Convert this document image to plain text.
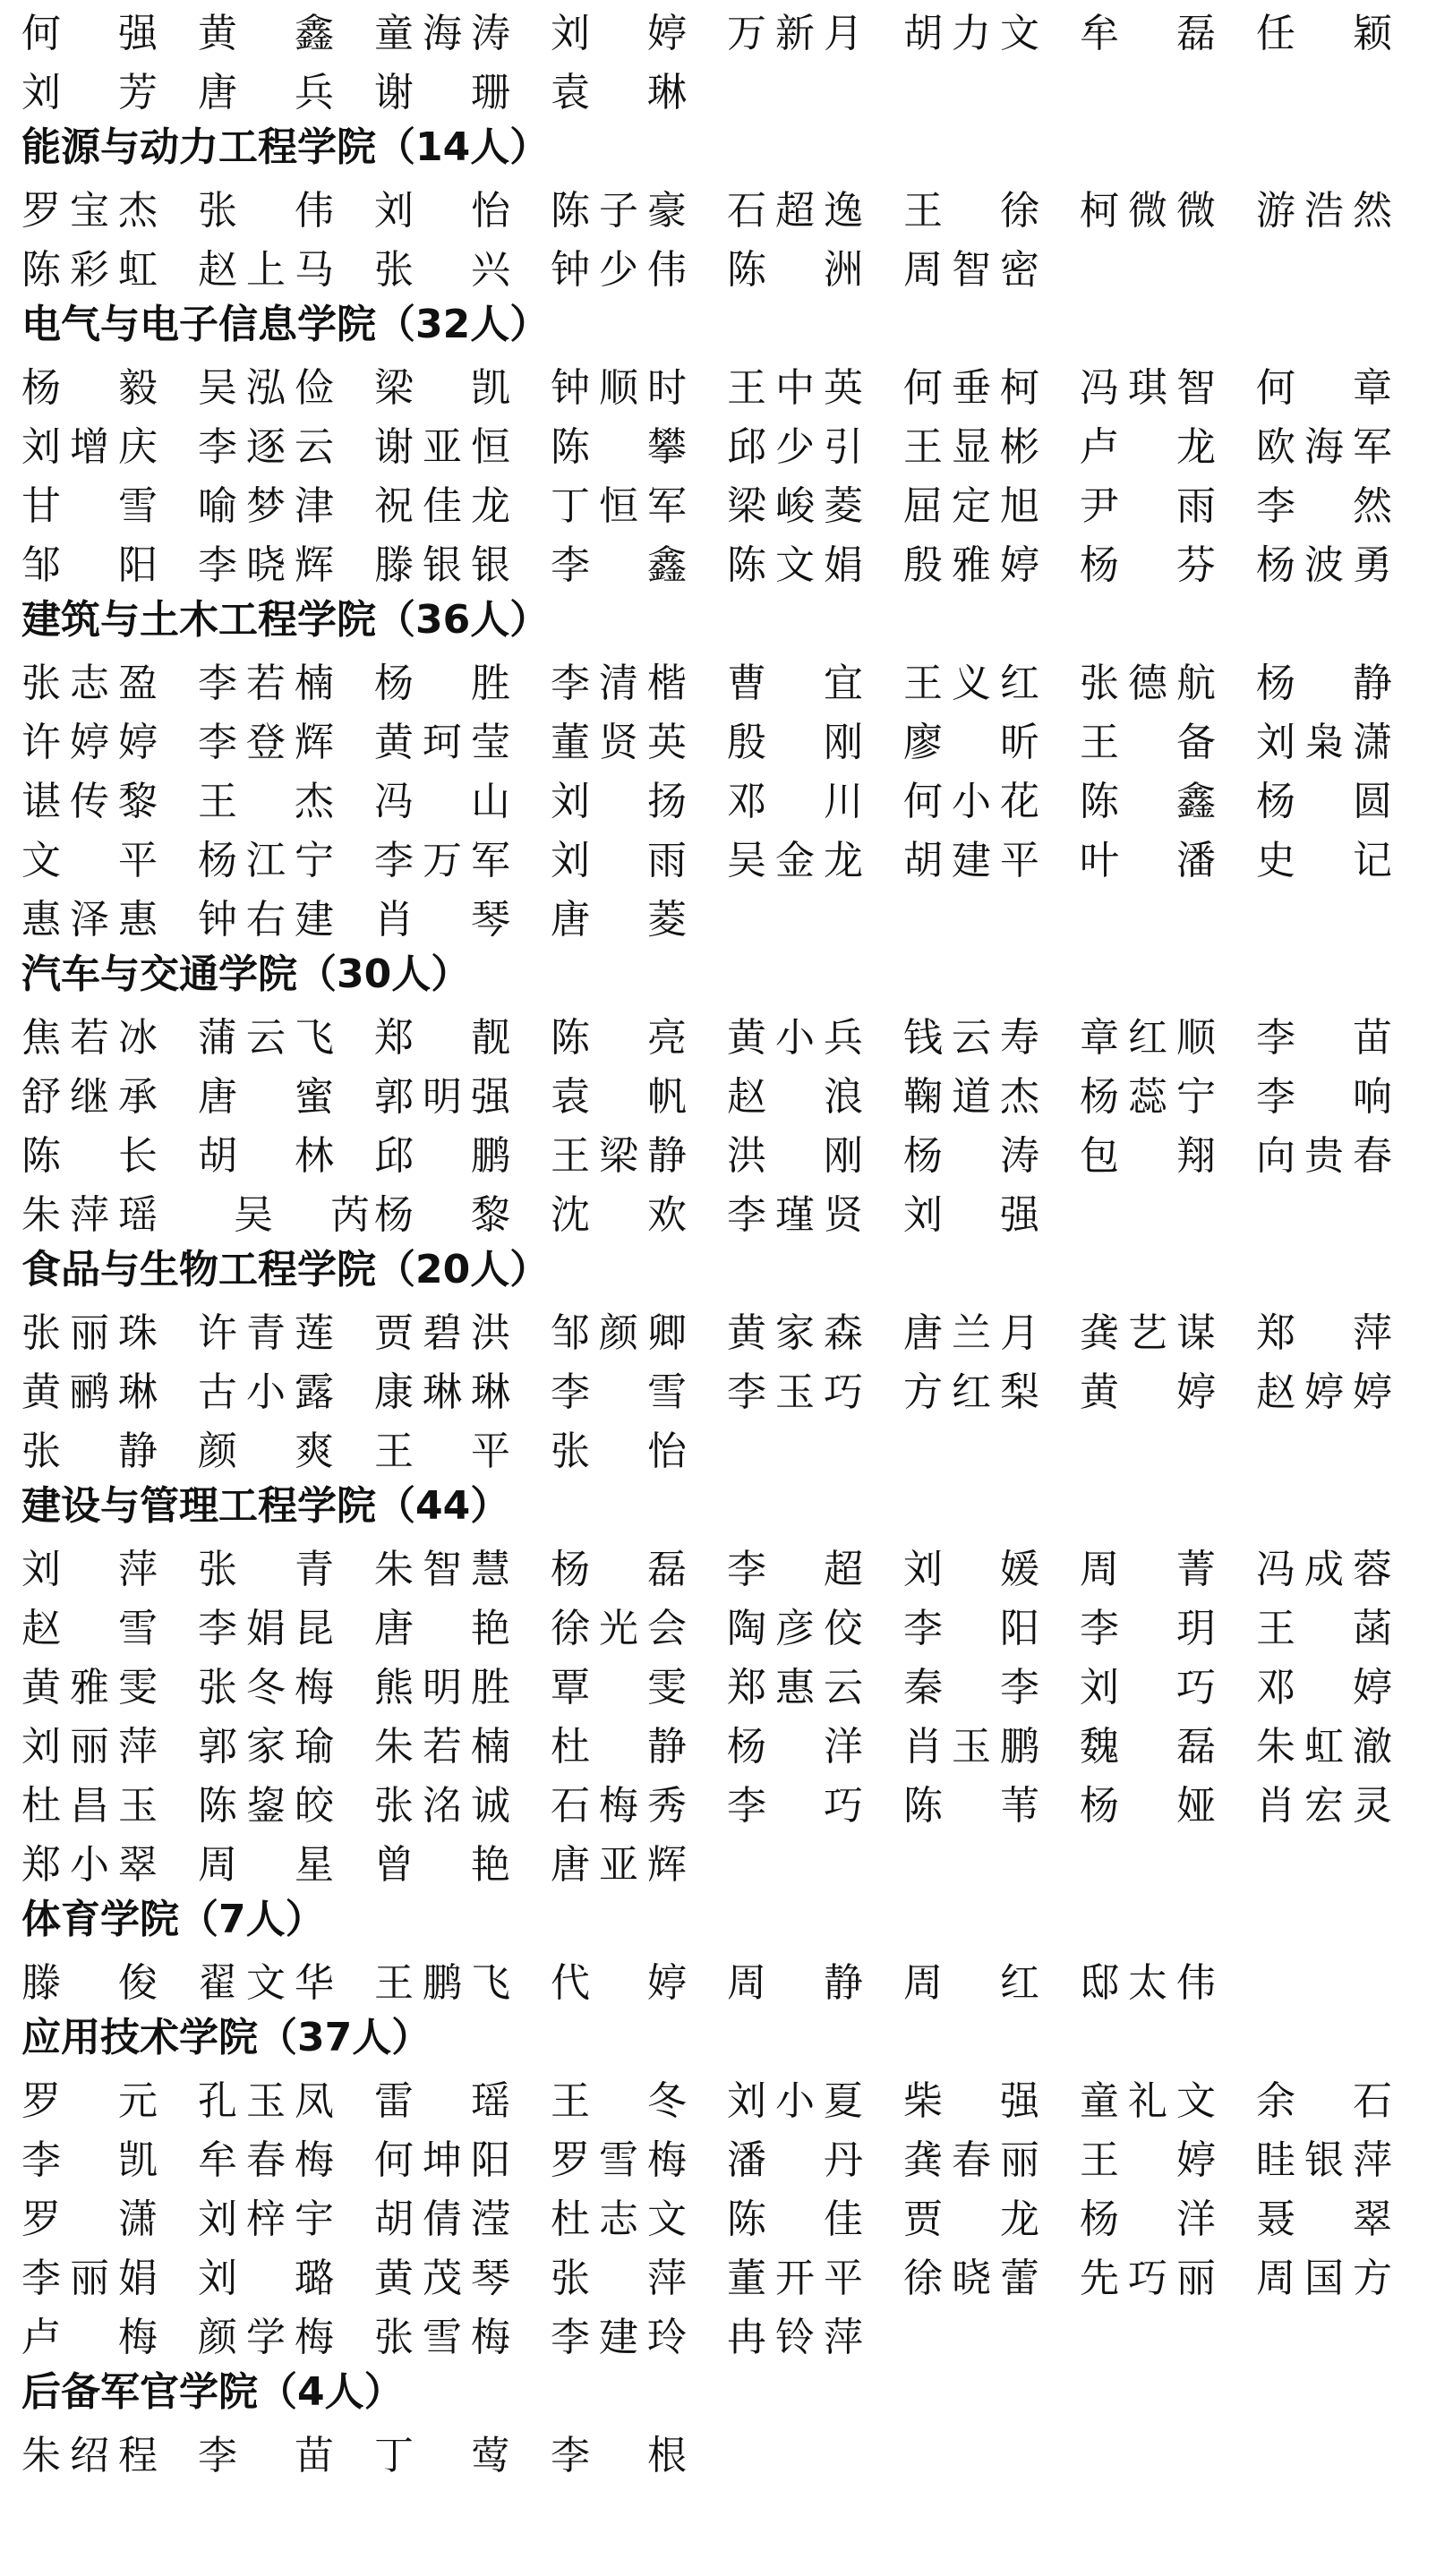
何强 黄鑫 童海涛 刘婷 万新月 胡力文 牟磊 任颖
刘芳 唐兵 谢珊 袁琳
能源与动力工程学院（14人）
罗宝杰 张伟 刘怡 陈子豪 石超逸 王徐 柯微微 游浩然
陈彩虹 赵上马 张兴 钟少伟 陈洲 周智密
电气与电子信息学院（32人）
杨毅 吴泓俭 梁凯 钟顺时 王中英 何垂柯 冯琪智 何章
刘增庆 李逐云 谢亚恒 陈攀 邱少引 王显彬 卢龙 欧海军
甘雪 喻梦津 祝佳龙 丁恒军 梁峻菱 屈定旭 尹雨 李然
邹阳 李晓辉 滕银银 李鑫 陈文娟 殷雅婷 杨芬 杨波勇
建筑与土木工程学院（36人）
张志盈 李若楠 杨胜 李清楷 曹宜 王义红 张德航 杨静
许婷婷 李登辉 黄珂莹 董贤英 殷刚 廖昕 王备 刘枭潇
谌传黎 王杰 冯山 刘扬 邓川 何小花 陈鑫 杨圆
文平 杨江宁 李万军 刘雨 吴金龙 胡建平 叶潘 史记
惠泽惠 钟右建 肖琴 唐菱
汽车与交通学院（30人）
焦若冰 蒲云飞 郑靓 陈亮 黄小兵 钱云寿 章红顺 李苗
舒继承 唐蜜 郭明强 袁帆 赵浪 鞠道杰 杨蕊宁 李响
陈长 胡林 邱鹏 王梁静 洪刚 杨涛 包翔 向贵春
朱萍瑶	吴芮 杨黎 沈欢 李瑾贤 刘强
食品与生物工程学院（20人）
张丽珠 许青莲 贾碧洪 邹颜卿 黄家森 唐兰月 龚艺谋 郑萍
黄鹂琳 古小露 康琳琳 李雪 李玉巧 方红梨 黄婷 赵婷婷
张静 颜爽 王平 张怡
建设与管理工程学院（44）
刘萍 张青 朱智慧 杨磊 李超 刘媛 周菁 冯成蓉
赵雪 李娟昆 唐艳 徐光会 陶彦佼 李阳 李玥 王菡
黄雅雯 张冬梅 熊明胜 覃雯 郑惠云 秦李 刘巧 邓婷
刘丽萍 郭家瑜 朱若楠 杜静 杨洋 肖玉鹏 魏磊 朱虹澈
杜昌玉 陈鋆皎 张洺诚 石梅秀 李巧 陈苇 杨娅 肖宏灵
郑小翠 周星 曾艳 唐亚辉
体育学院（7人）
滕俊 翟文华 王鹏飞 代婷 周静 周红 邸太伟
应用技术学院（37人）
罗元 孔玉凤 雷瑶 王冬 刘小夏 柴强 童礼文 余石
李凯 牟春梅 何坤阳 罗雪梅 潘丹 龚春丽 王婷 眭银萍
罗潇 刘梓宇 胡倩滢 杜志文 陈佳 贾龙 杨洋 聂翠
李丽娟 刘璐 黄茂琴 张萍 董开平 徐晓蕾 先巧丽 周国方
卢梅 颜学梅 张雪梅 李建玲 冉铃萍
后备军官学院（4人）
朱绍程 李苗 丁莺 李根
